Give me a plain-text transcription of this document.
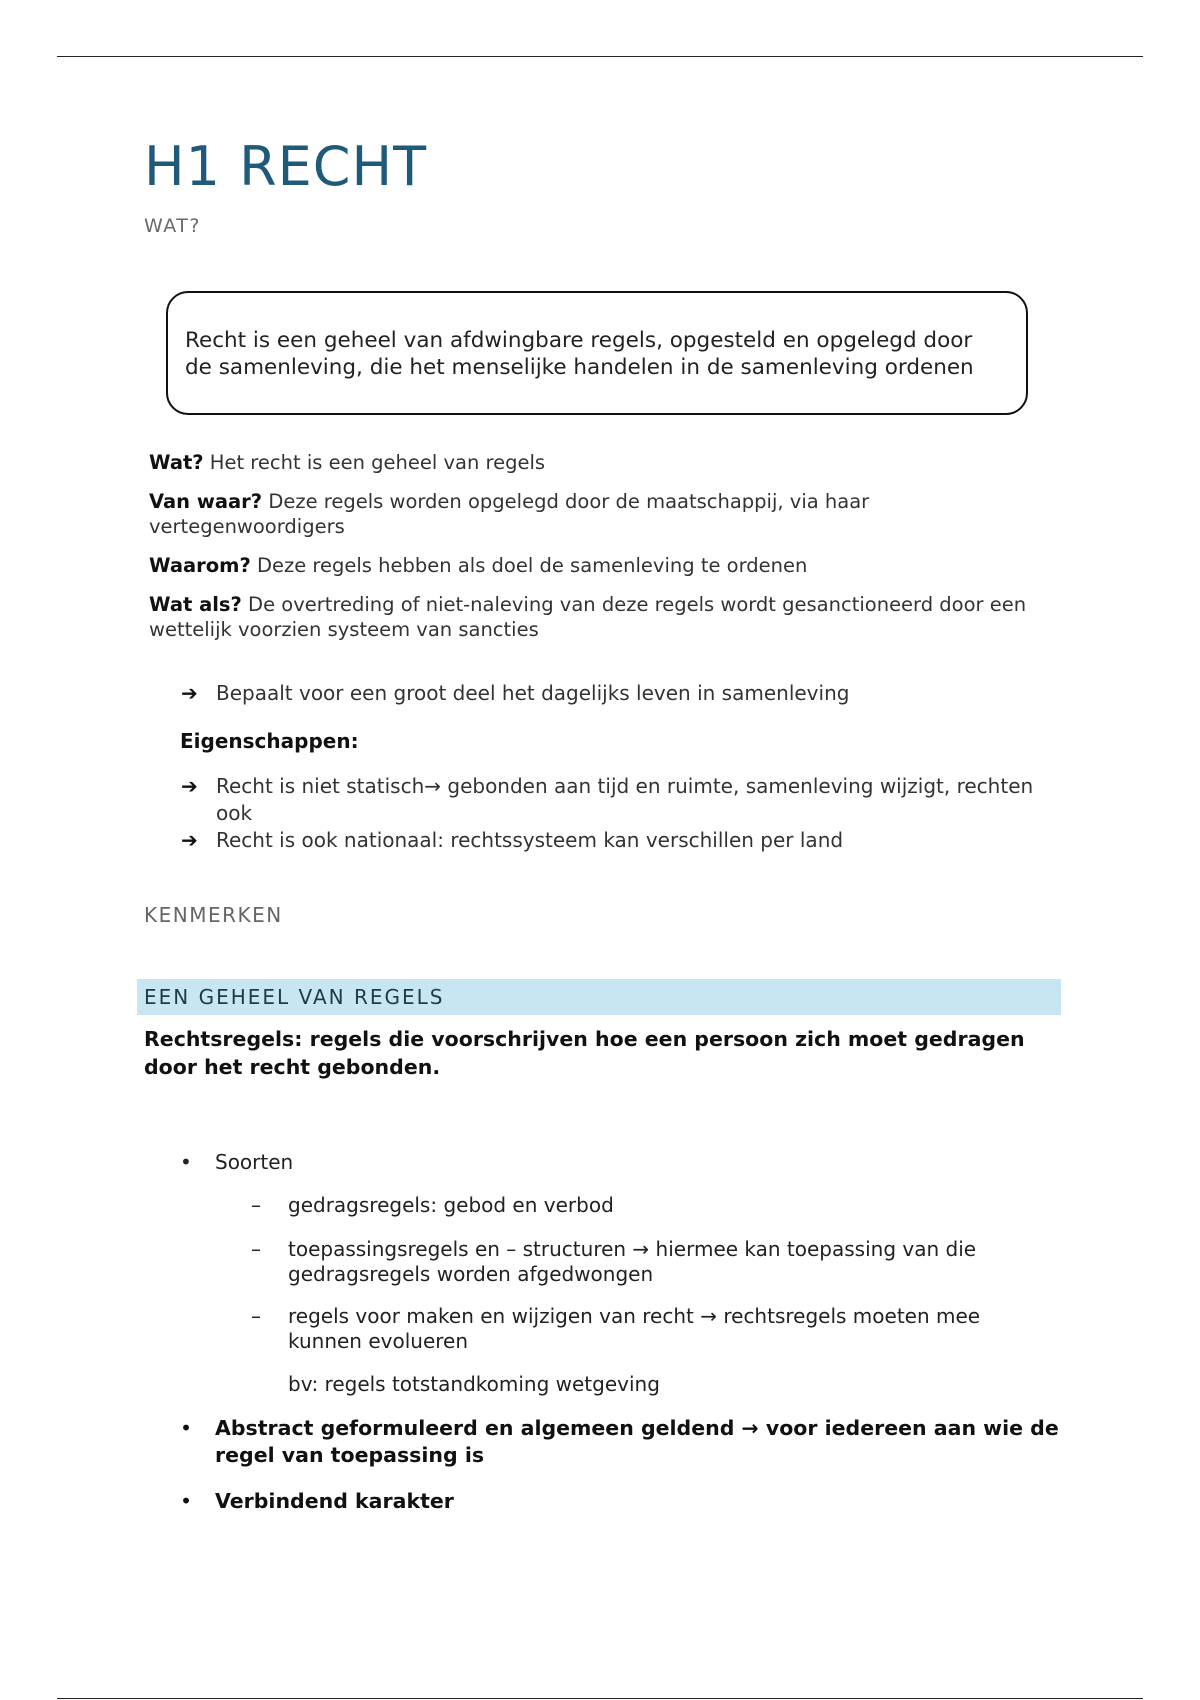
H1 RECHT
WAT?
Recht is een geheel van afdwingbare regels, opgesteld en opgelegd door
de samenleving, die het menselijke handelen in de samenleving ordenen
Wat? Het recht is een geheel van regels
Van waar? Deze regels worden opgelegd door de maatschappij, via haar
vertegenwoordigers
Waarom? Deze regels hebben als doel de samenleving te ordenen
Wat als? De overtreding of niet-naleving van deze regels wordt gesanctioneerd door een
wettelijk voorzien systeem van sancties
➔ Bepaalt voor een groot deel het dagelijks leven in samenleving
Eigenschappen:
➔ Recht is niet statisch→ gebonden aan tijd en ruimte, samenleving wijzigt, rechten
ook
➔ Recht is ook nationaal: rechtssysteem kan verschillen per land
KENMERKEN
EEN GEHEEL VAN REGELS
Rechtsregels: regels die voorschrijven hoe een persoon zich moet gedragen
door het recht gebonden.
• Soorten
– gedragsregels: gebod en verbod
– toepassingsregels en – structuren → hiermee kan toepassing van die
gedragsregels worden afgedwongen
– regels voor maken en wijzigen van recht → rechtsregels moeten mee
kunnen evolueren
bv: regels totstandkoming wetgeving
• Abstract geformuleerd en algemeen geldend → voor iedereen aan wie de
regel van toepassing is
• Verbindend karakter
